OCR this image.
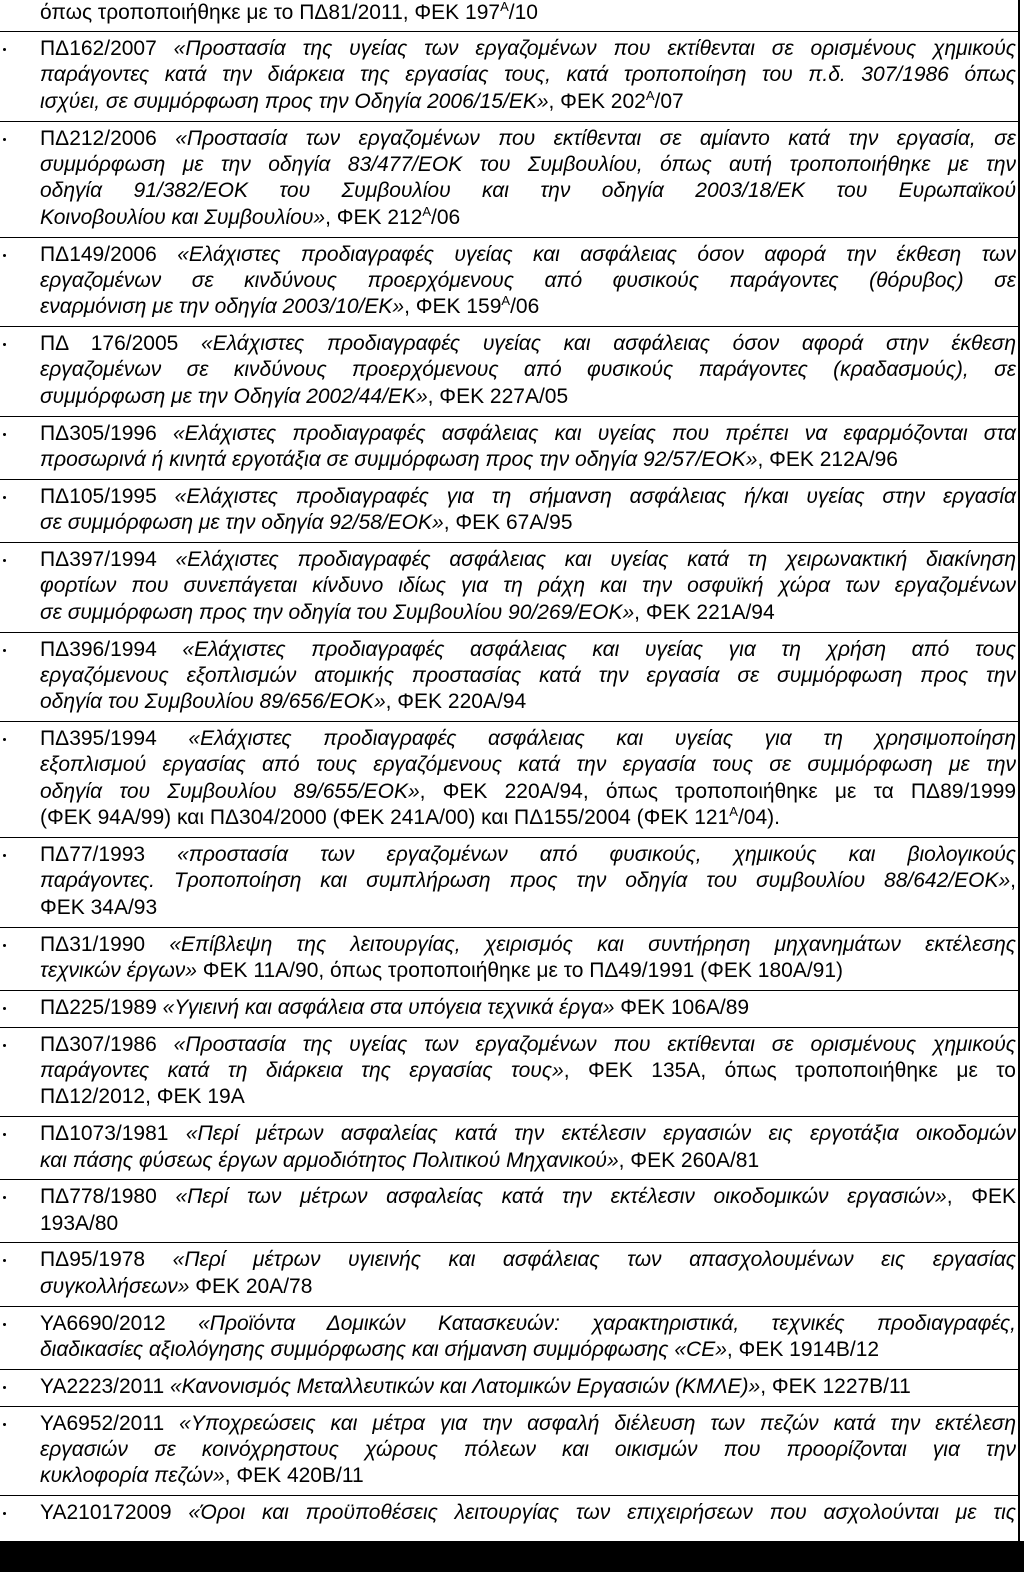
όπως τροποποιήθηκε με το ΠΔ81/2011, ΦΕΚ $197^A/10$
ΠΔ162/2007 «Προστασία της υγείας των εργαζομένων που εκτίθενται σε ορισμένους χημικούς
παράγοντες κατά την διάρκεια της εργασίας τους, κατά τροποποίηση του π.δ. 307/1986 όπως
ισχύει, σε συμμόρφωση προς την Οδηγία 2006/15/ΕΚ», ΦΕΚ $202^A/07$
ΠΔ212/2006 «Προστασία των εργαζομένων που εκτίθενται σε αμίαντο κατά την εργασία, σε
συμμόρφωση με την οδηγία 83/477/ΕΟΚ του Συμβουλίου, όπως αυτή τροποποιήθηκε με την
οδηγία 91/382/ΕΟΚ του Συμβουλίου και την οδηγία 2003/18/ΕΚ του Ευρωπαϊκού
Κοινοβουλίου και Συμβουλίου», ΦΕΚ $212^A/06$
ΠΔ149/2006 «Ελάχιστες προδιαγραφές υγείας και ασφάλειας όσον αφορά την έκθεση των
εργαζομένων σε κινδύνους προερχόμενους από φυσικούς παράγοντες (θόρυβος) σε
εναρμόνιση με την οδηγία 2003/10/ΕΚ», ΦΕΚ $159^A/06$
ΠΔ 176/2005 «Ελάχιστες προδιαγραφές υγείας και ασφάλειας όσον αφορά στην έκθεση
εργαζομένων σε κινδύνους προερχόμενους από φυσικούς παράγοντες (κραδασμούς), σε
συμμόρφωση με την Οδηγία 2002/44/ΕΚ», ΦΕΚ 227Α/05
ΠΔ305/1996 «Ελάχιστες προδιαγραφές ασφάλειας και υγείας που πρέπει να εφαρμόζονται στα
προσωρινά ή κινητά εργοτάξια σε συμμόρφωση προς την οδηγία 92/57/ΕΟΚ», ΦΕΚ 212Α/96
ΠΔ105/1995 «Ελάχιστες προδιαγραφές για τη σήμανση ασφάλειας ή/και υγείας στην εργασία
σε συμμόρφωση με την οδηγία 92/58/ΕΟΚ», ΦΕΚ 67Α/95
ΠΔ397/1994 «Ελάχιστες προδιαγραφές ασφάλειας και υγείας κατά τη χειρωνακτική διακίνηση
φορτίων που συνεπάγεται κίνδυνο ιδίως για τη ράχη και την οσφυϊκή χώρα των εργαζομένων
σε συμμόρφωση προς την οδηγία του Συμβουλίου 90/269/ΕΟΚ», ΦΕΚ 221Α/94
ΠΔ396/1994 «Ελάχιστες προδιαγραφές ασφάλειας και υγείας για τη χρήση από τους
εργαζόμενους εξοπλισμών ατομικής προστασίας κατά την εργασία σε συμμόρφωση προς την
οδηγία του Συμβουλίου 89/656/ΕΟΚ», ΦΕΚ 220Α/94
ΠΔ395/1994 «Ελάχιστες προδιαγραφές ασφάλειας και υγείας για τη χρησιμοποίηση
εξοπλισμού εργασίας από τους εργαζόμενους κατά την εργασία τους σε συμμόρφωση με την
οδηγία του Συμβουλίου 89/655/ΕΟΚ», ΦΕΚ 220Α/94, όπως τροποποιήθηκε με τα ΠΔ89/1999
(ΦΕΚ 94Α/99) και ΠΔ304/2000 (ΦΕΚ 241Α/00) και ΠΔ155/2004 (ΦΕΚ $121^A/04$).
ΠΔ77/1993 «προστασία των εργαζομένων από φυσικούς, χημικούς και βιολογικούς
παράγοντες. Τροποποίηση και συμπλήρωση προς την οδηγία του συμβουλίου 88/642/ΕΟΚ»,
ΦΕΚ 34Α/93
ΠΔ31/1990 «Επίβλεψη της λειτουργίας, χειρισμός και συντήρηση μηχανημάτων εκτέλεσης
τεχνικών έργων» ΦΕΚ 11Α/90, όπως τροποποιήθηκε με το ΠΔ49/1991 (ΦΕΚ 180Α/91)
ΠΔ225/1989 «Υγιεινή και ασφάλεια στα υπόγεια τεχνικά έργα» ΦΕΚ 106Α/89
ΠΔ307/1986 «Προστασία της υγείας των εργαζομένων που εκτίθενται σε ορισμένους χημικούς
παράγοντες κατά τη διάρκεια της εργασίας τους», ΦΕΚ 135Α, όπως τροποποιήθηκε με το
ΠΔ12/2012, ΦΕΚ 19Α
ΠΔ1073/1981 «Περί μέτρων ασφαλείας κατά την εκτέλεσιν εργασιών εις εργοτάξια οικοδομών
και πάσης φύσεως έργων αρμοδιότητος Πολιτικού Μηχανικού», ΦΕΚ 260Α/81
ΠΔ778/1980 «Περί των μέτρων ασφαλείας κατά την εκτέλεσιν οικοδομικών εργασιών», ΦΕΚ
193Α/80
ΠΔ95/1978 «Περί μέτρων υγιεινής και ασφάλειας των απασχολουμένων εις εργασίας
συγκολλήσεων» ΦΕΚ 20Α/78
ΥΑ6690/2012 «Προϊόντα Δομικών Κατασκευών: χαρακτηριστικά, τεχνικές προδιαγραφές,
διαδικασίες αξιολόγησης συμμόρφωσης και σήμανση συμμόρφωσης «CE», ΦΕΚ 1914Β/12
ΥΑ2223/2011 «Κανονισμός Μεταλλευτικών και Λατομικών Εργασιών (ΚΜΛΕ)», ΦΕΚ 1227Β/11
ΥΑ6952/2011 «Υποχρεώσεις και μέτρα για την ασφαλή διέλευση των πεζών κατά την εκτέλεση
εργασιών σε κοινόχρηστους χώρους πόλεων και οικισμών που προορίζονται για την
κυκλοφορία πεζών», ΦΕΚ 420Β/11
ΥΑ210172009 «Όροι και προϋποθέσεις λειτουργίας των επιχειρήσεων που ασχολούνται με τις
